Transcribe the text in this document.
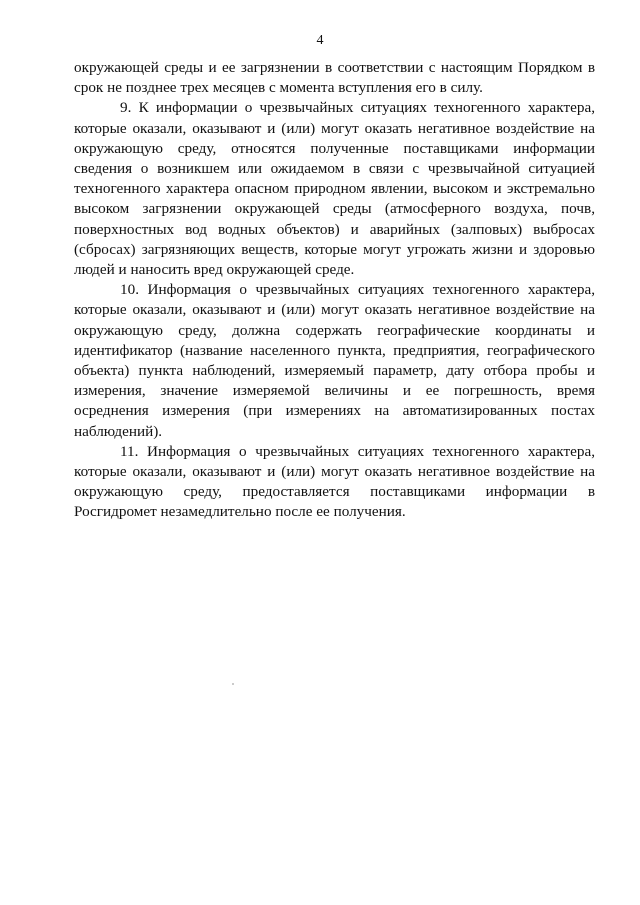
4

окружающей среды и ее загрязнении в соответствии с настоящим Порядком в срок не позднее трех месяцев с момента вступления его в силу.

9. К информации о чрезвычайных ситуациях техногенного характера, которые оказали, оказывают и (или) могут оказать негативное воздействие на окружающую среду, относятся полученные поставщиками информации сведения о возникшем или ожидаемом в связи с чрезвычайной ситуацией техногенного характера опасном природном явлении, высоком и экстремально высоком загрязнении окружающей среды (атмосферного воздуха, почв, поверхностных вод водных объектов) и аварийных (залповых) выбросах (сбросах) загрязняющих веществ, которые могут угрожать жизни и здоровью людей и наносить вред окружающей среде.

10. Информация о чрезвычайных ситуациях техногенного характера, которые оказали, оказывают и (или) могут оказать негативное воздействие на окружающую среду, должна содержать географические координаты и идентификатор (название населенного пункта, предприятия, географического объекта) пункта наблюдений, измеряемый параметр, дату отбора пробы и измерения, значение измеряемой величины и ее погрешность, время осреднения измерения (при измерениях на автоматизированных постах наблюдений).

11. Информация о чрезвычайных ситуациях техногенного характера, которые оказали, оказывают и (или) могут оказать негативное воздействие на окружающую среду, предоставляется поставщиками информации в Росгидромет незамедлительно после ее получения.
